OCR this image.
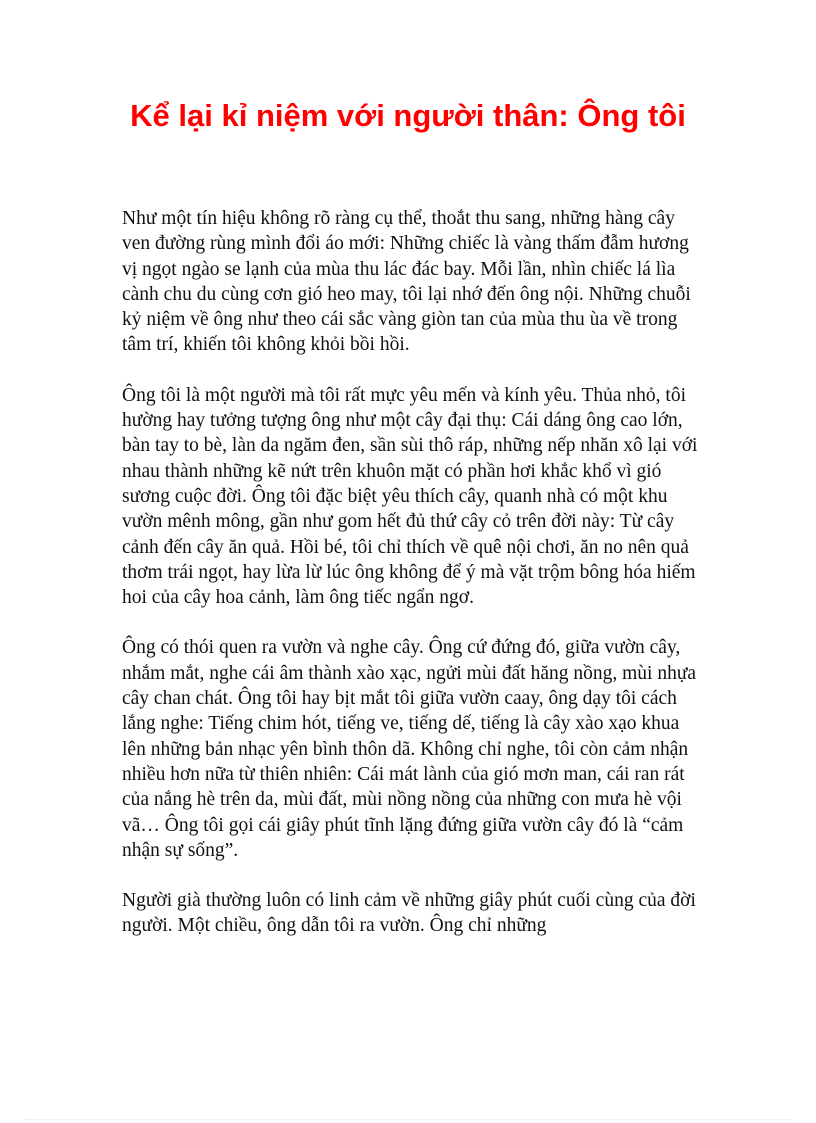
Kể lại kỉ niệm với người thân: Ông tôi

Như một tín hiệu không rõ ràng cụ thể, thoắt thu sang, những hàng cây ven đường rùng mình đổi áo mới: Những chiếc là vàng thấm đẫm hương vị ngọt ngào se lạnh của mùa thu lác đác bay. Mỗi lần, nhìn chiếc lá lìa cành chu du cùng cơn gió heo may, tôi lại nhớ đến ông nội. Những chuỗi kỷ niệm về ông như theo cái sắc vàng giòn tan của mùa thu ùa về trong tâm trí, khiến tôi không khỏi bồi hồi.

Ông tôi là một người mà tôi rất mực yêu mến và kính yêu. Thủa nhỏ, tôi hường hay tưởng tượng ông như một cây đại thụ: Cái dáng ông cao lớn, bàn tay to bè, làn da ngăm đen, sần sùi thô ráp, những nếp nhăn xô lại với nhau thành những kẽ nứt trên khuôn mặt có phần hơi khắc khổ vì gió sương cuộc đời. Ông tôi đặc biệt yêu thích cây, quanh nhà có một khu vườn mênh mông, gần như gom hết đủ thứ cây cỏ trên đời này: Từ cây cảnh đến cây ăn quả. Hồi bé, tôi chỉ thích về quê nội chơi, ăn no nên quả thơm trái ngọt, hay lừa lừ lúc ông không để ý mà vặt trộm bông hóa hiếm hoi của cây hoa cảnh, làm ông tiếc ngẩn ngơ.

Ông có thói quen ra vườn và nghe cây. Ông cứ đứng đó, giữa vườn cây, nhắm mắt, nghe cái âm thành xào xạc, ngửi mùi đất hăng nồng, mùi nhựa cây chan chát. Ông tôi hay bịt mắt tôi giữa vườn caay, ông dạy tôi cách lắng nghe: Tiếng chim hót, tiếng ve, tiếng dế, tiếng là cây xào xạo khua lên những bản nhạc yên bình thôn dã. Không chỉ nghe, tôi còn cảm nhận nhiều hơn nữa từ thiên nhiên: Cái mát lành của gió mơn man, cái ran rát của nắng hè trên da, mùi đất, mùi nồng nồng của những con mưa hè vội vã… Ông tôi gọi cái giây phút tĩnh lặng đứng giữa vườn cây đó là “cảm nhận sự sống”.

Người già thường luôn có linh cảm về những giây phút cuối cùng của đời người. Một chiều, ông dẫn tôi ra vườn. Ông chỉ những
